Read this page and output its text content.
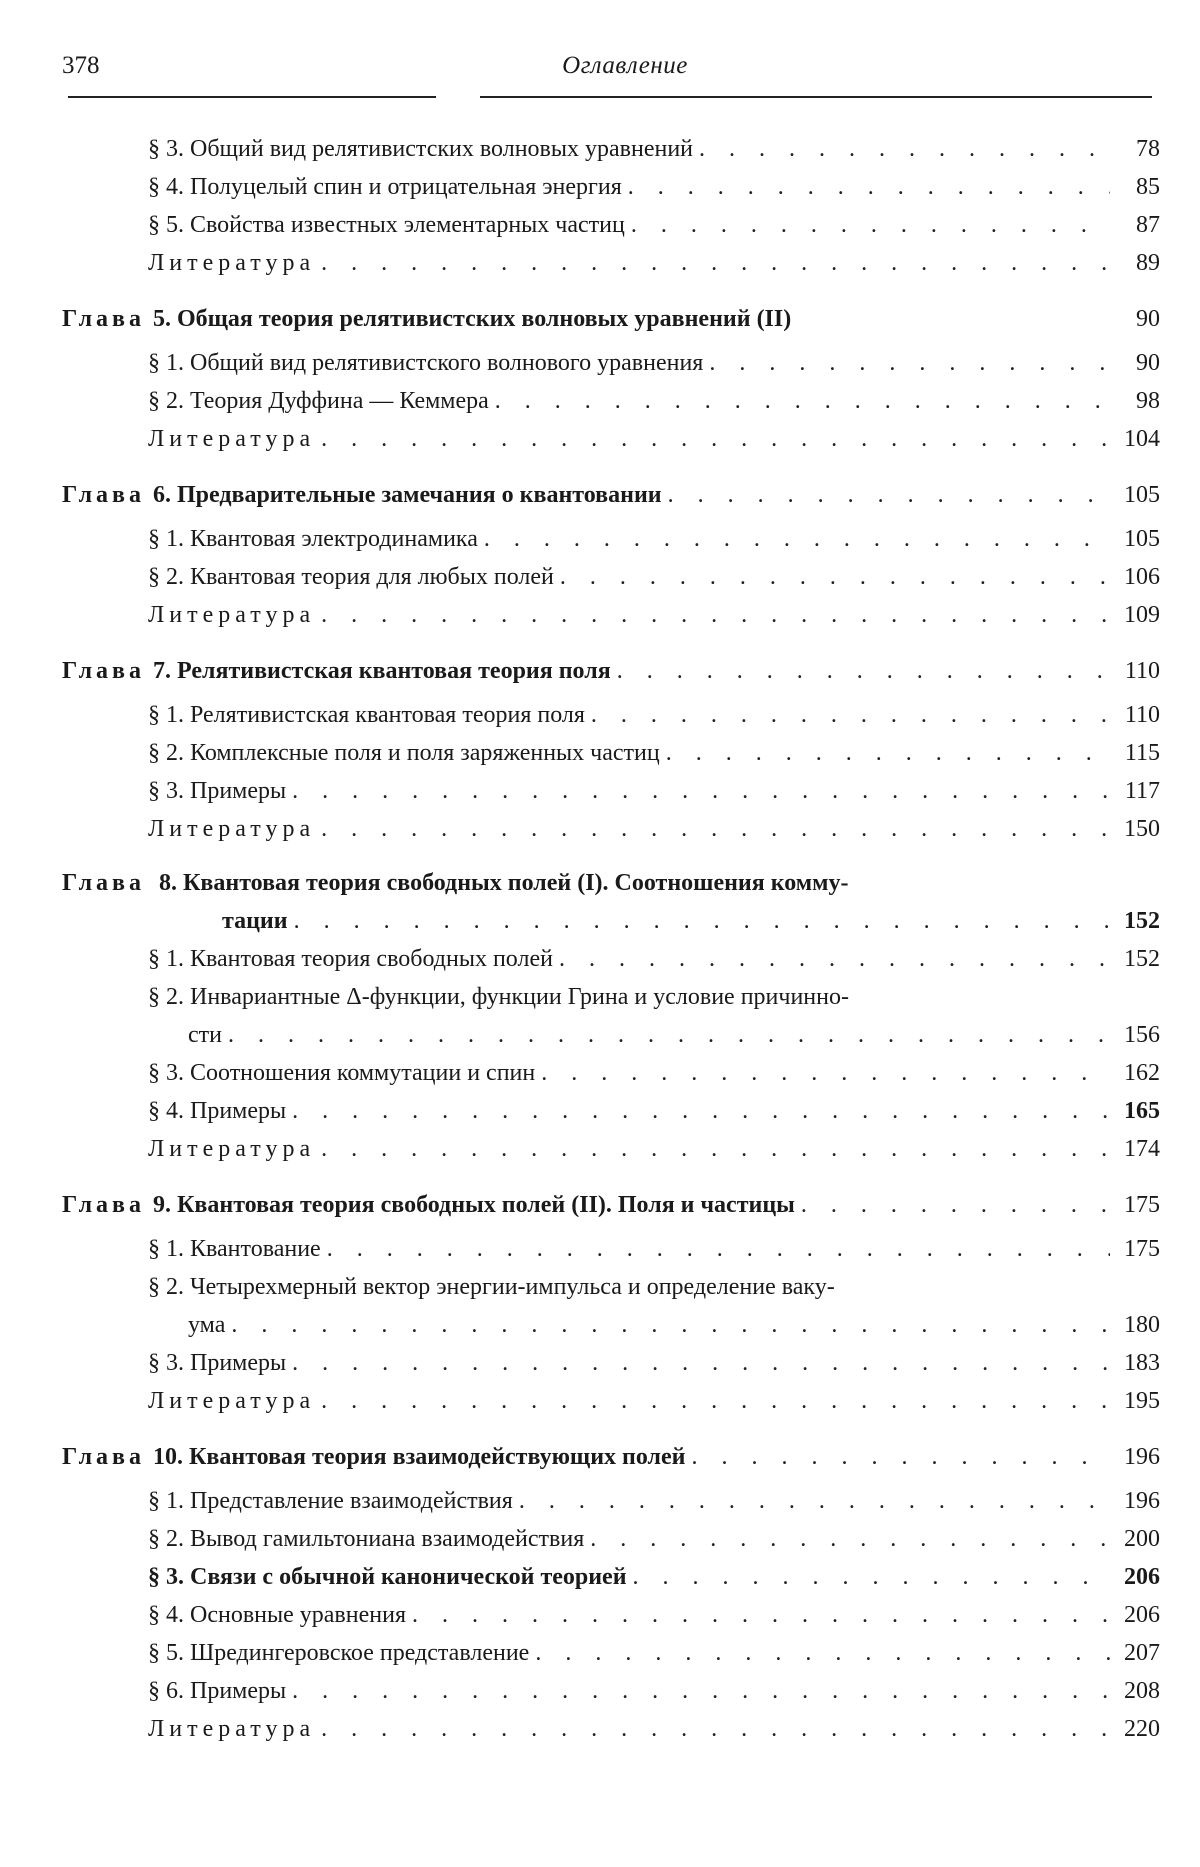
378	Оглавление
§ 3. Общий вид релятивистских волновых уравнений . . .	78
§ 4. Полуцелый спин и отрицательная энергия . . .	85
§ 5. Свойства известных элементарных частиц . . .	87
Литература . . .	89
Глава 5. Общая теория релятивистских волновых уравнений (II)	90
§ 1. Общий вид релятивистского волнового уравнения . . .	90
§ 2. Теория Дуффина — Кеммера . . .	98
Литература . . .	104
Глава 6. Предварительные замечания о квантовании . . .	105
§ 1. Квантовая электродинамика . . .	105
§ 2. Квантовая теория для любых полей . . .	106
Литература . . .	109
Глава 7. Релятивистская квантовая теория поля . . .	110
§ 1. Релятивистская квантовая теория поля . . .	110
§ 2. Комплексные поля и поля заряженных частиц . . .	115
§ 3. Примеры . . .	117
Литература . . .	150
Глава 8. Квантовая теория свободных полей (I). Соотношения комму-
тации . . .	152
§ 1. Квантовая теория свободных полей . . .	152
§ 2. Инвариантные Δ-функции, функции Грина и условие причинно-
сти . . .	156
§ 3. Соотношения коммутации и спин . . .	162
§ 4. Примеры . . .	165
Литература . . .	174
Глава 9. Квантовая теория свободных полей (II). Поля и частицы . . .	175
§ 1. Квантование . . .	175
§ 2. Четырехмерный вектор энергии-импульса и определение ваку-
ума . . .	180
§ 3. Примеры . . .	183
Литература . . .	195
Глава 10. Квантовая теория взаимодействующих полей . . .	196
§ 1. Представление взаимодействия . . .	196
§ 2. Вывод гамильтониана взаимодействия . . .	200
§ 3. Связи с обычной канонической теорией . . .	206
§ 4. Основные уравнения . . .	206
§ 5. Шредингеровское представление . . .	207
§ 6. Примеры . . .	208
Литература . . .	220
